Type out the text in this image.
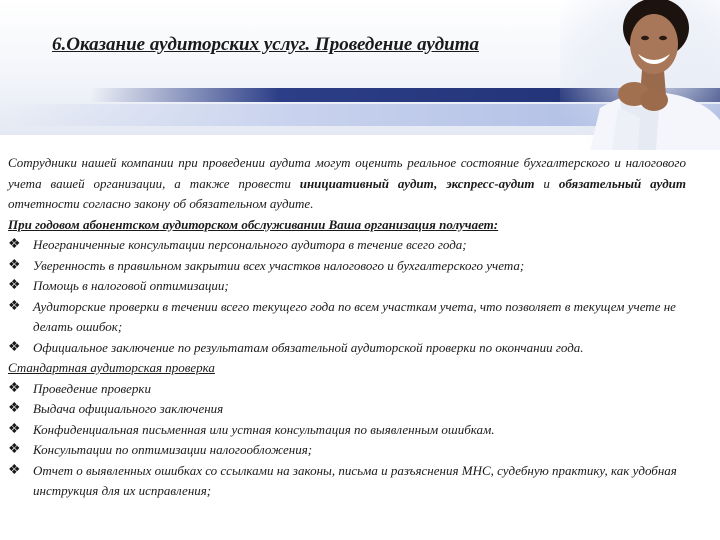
6.Оказание аудиторских услуг. Проведение аудита

Сотрудники нашей компании при проведении аудита могут оценить реальное состояние бухгалтерского и налогового учета вашей организации, а также провести инициативный аудит, экспресс-аудит и обязательный аудит отчетности согласно закону об обязательном аудите.

При годовом абонентском аудиторском обслуживании Ваша организация получает:

❖ Неограниченные консультации персонального аудитора в течение всего года;
❖ Уверенность в правильном закрытии всех участков налогового и бухгалтерского учета;
❖ Помощь в налоговой оптимизации;
❖ Аудиторские проверки в течении всего текущего года по всем участкам учета, что позволяет в текущем учете не делать ошибок;
❖ Официальное заключение по результатам обязательной аудиторской проверки по окончании года.

Стандартная аудиторская проверка

❖ Проведение проверки
❖ Выдача официального заключения
❖ Конфиденциальная письменная или устная консультация по выявленным ошибкам.
❖ Консультации по оптимизации налогообложения;
❖ Отчет о выявленных ошибках со ссылками на законы, письма и разъяснения МНС, судебную практику, как удобная инструкция для их исправления;
